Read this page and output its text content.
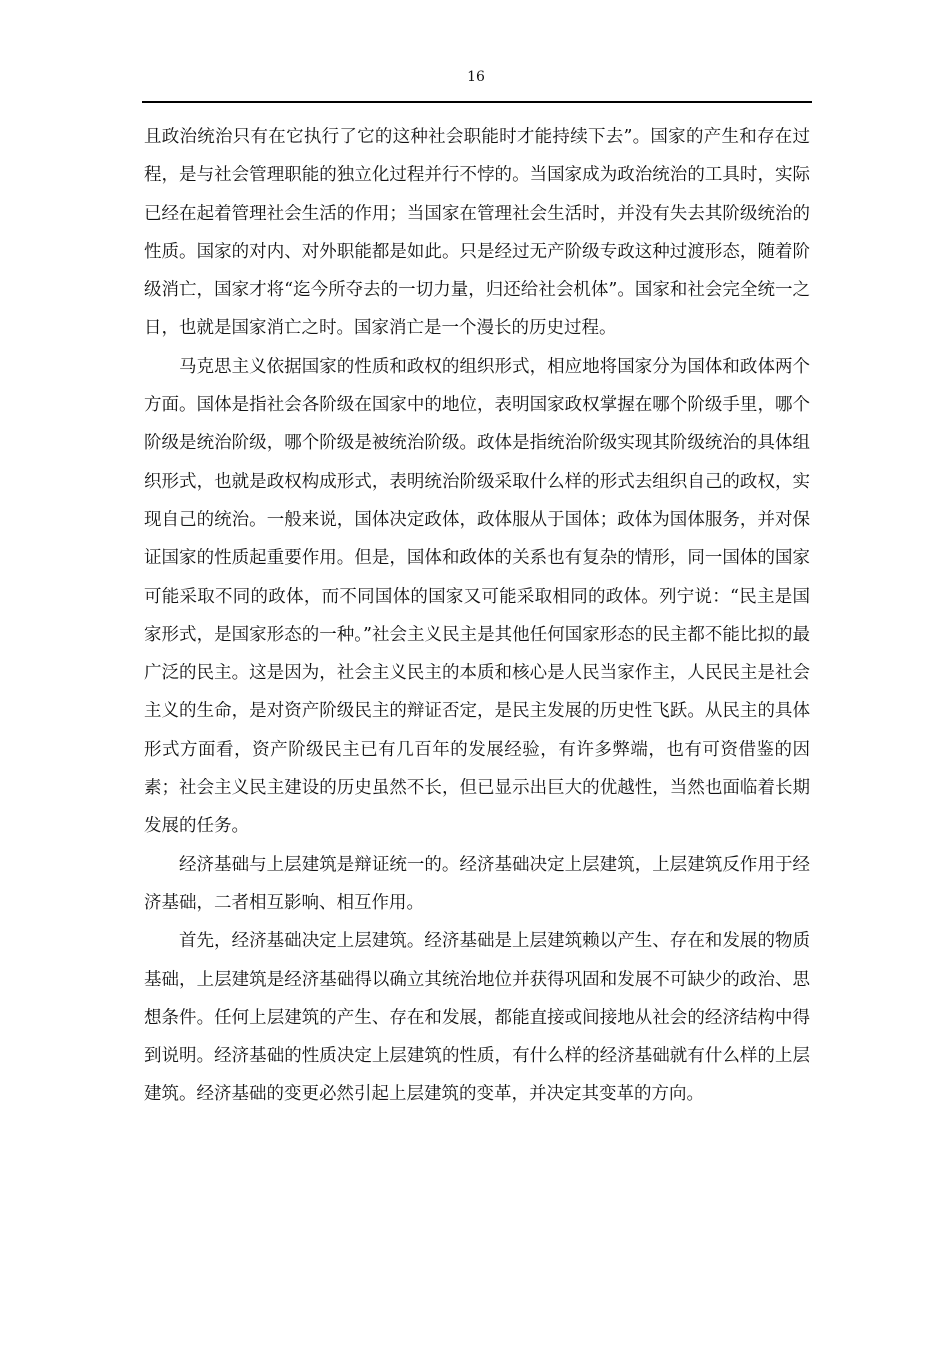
16

且政治统治只有在它执行了它的这种社会职能时才能持续下去”。国家的产生和存在过程，是与社会管理职能的独立化过程并行不悖的。当国家成为政治统治的工具时，实际已经在起着管理社会生活的作用；当国家在管理社会生活时，并没有失去其阶级统治的性质。国家的对内、对外职能都是如此。只是经过无产阶级专政这种过渡形态，随着阶级消亡，国家才将“迄今所夺去的一切力量，归还给社会机体”。国家和社会完全统一之日，也就是国家消亡之时。国家消亡是一个漫长的历史过程。

马克思主义依据国家的性质和政权的组织形式，相应地将国家分为国体和政体两个方面。国体是指社会各阶级在国家中的地位，表明国家政权掌握在哪个阶级手里，哪个阶级是统治阶级，哪个阶级是被统治阶级。政体是指统治阶级实现其阶级统治的具体组织形式，也就是政权构成形式，表明统治阶级采取什么样的形式去组织自己的政权，实现自己的统治。一般来说，国体决定政体，政体服从于国体；政体为国体服务，并对保证国家的性质起重要作用。但是，国体和政体的关系也有复杂的情形，同一国体的国家可能采取不同的政体，而不同国体的国家又可能采取相同的政体。列宁说：“民主是国家形式，是国家形态的一种。”社会主义民主是其他任何国家形态的民主都不能比拟的最广泛的民主。这是因为，社会主义民主的本质和核心是人民当家作主，人民民主是社会主义的生命，是对资产阶级民主的辩证否定，是民主发展的历史性飞跃。从民主的具体形式方面看，资产阶级民主已有几百年的发展经验，有许多弊端，也有可资借鉴的因素；社会主义民主建设的历史虽然不长，但已显示出巨大的优越性，当然也面临着长期发展的任务。

经济基础与上层建筑是辩证统一的。经济基础决定上层建筑，上层建筑反作用于经济基础，二者相互影响、相互作用。

首先，经济基础决定上层建筑。经济基础是上层建筑赖以产生、存在和发展的物质基础，上层建筑是经济基础得以确立其统治地位并获得巩固和发展不可缺少的政治、思想条件。任何上层建筑的产生、存在和发展，都能直接或间接地从社会的经济结构中得到说明。经济基础的性质决定上层建筑的性质，有什么样的经济基础就有什么样的上层建筑。经济基础的变更必然引起上层建筑的变革，并决定其变革的方向。
